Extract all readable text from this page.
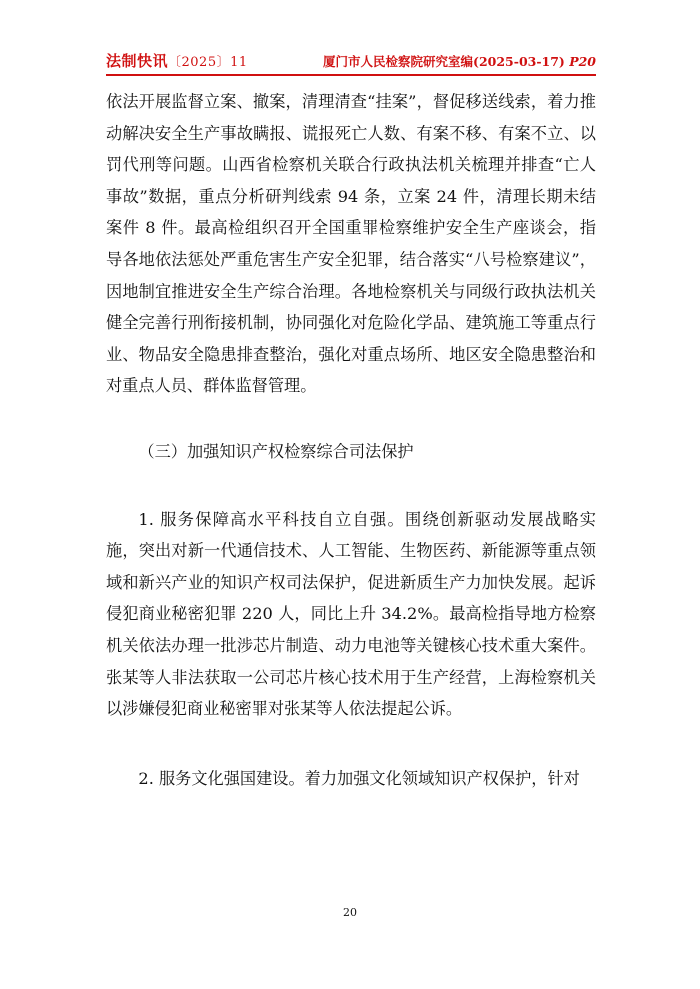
法制快讯〔2025〕11	厦门市人民检察院研究室编(2025-03-17) P20

依法开展监督立案、撤案，清理清查“挂案”，督促移送线索，着力推动解决安全生产事故瞒报、谎报死亡人数、有案不移、有案不立、以罚代刑等问题。山西省检察机关联合行政执法机关梳理并排查“亡人事故”数据，重点分析研判线索 94 条，立案 24 件，清理长期未结案件 8 件。最高检组织召开全国重罪检察维护安全生产座谈会，指导各地依法惩处严重危害生产安全犯罪，结合落实“八号检察建议”，因地制宜推进安全生产综合治理。各地检察机关与同级行政执法机关健全完善行刑衔接机制，协同强化对危险化学品、建筑施工等重点行业、物品安全隐患排查整治，强化对重点场所、地区安全隐患整治和对重点人员、群体监督管理。

（三）加强知识产权检察综合司法保护

1. 服务保障高水平科技自立自强。围绕创新驱动发展战略实施，突出对新一代通信技术、人工智能、生物医药、新能源等重点领域和新兴产业的知识产权司法保护，促进新质生产力加快发展。起诉侵犯商业秘密犯罪 220 人，同比上升 34.2%。最高检指导地方检察机关依法办理一批涉芯片制造、动力电池等关键核心技术重大案件。张某等人非法获取一公司芯片核心技术用于生产经营，上海检察机关以涉嫌侵犯商业秘密罪对张某等人依法提起公诉。

2. 服务文化强国建设。着力加强文化领域知识产权保护，针对

20
